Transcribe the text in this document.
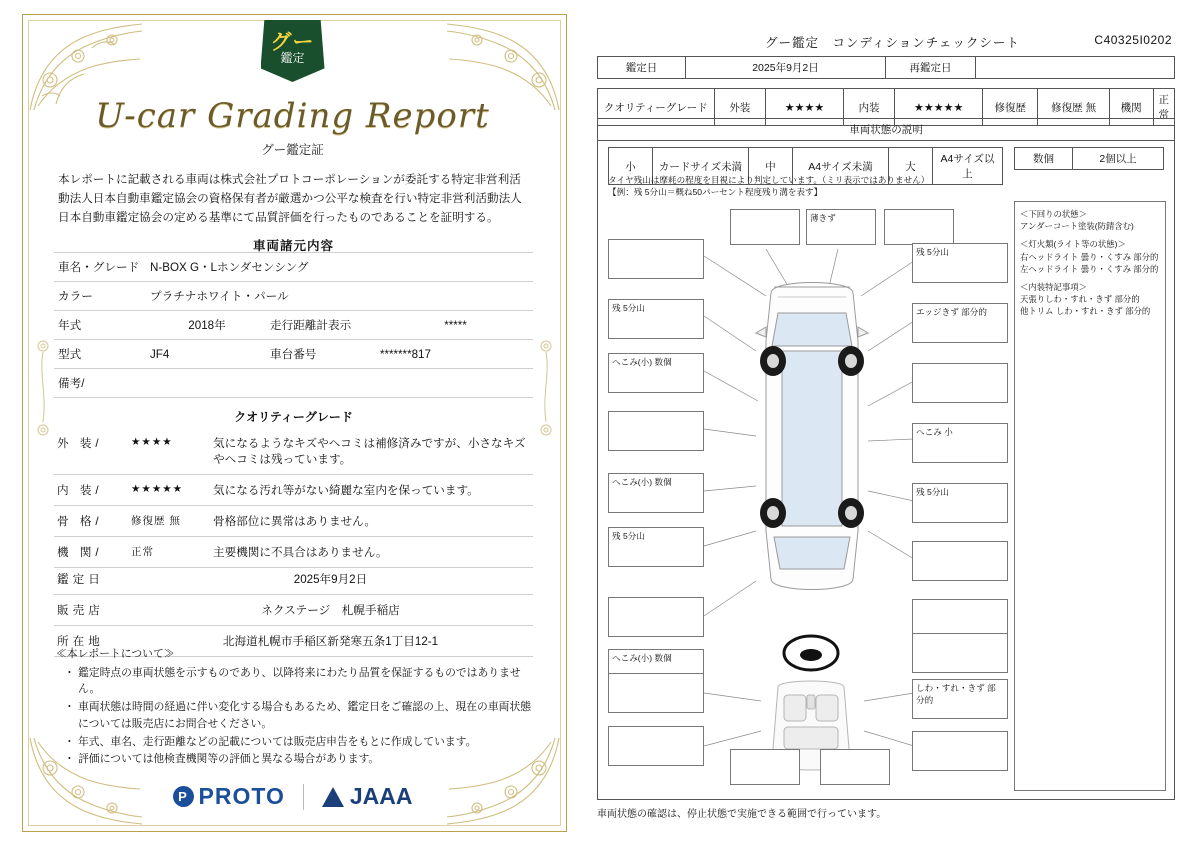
グー
鑑定
U-car Grading Report
グー鑑定証
本レポートに記載される車両は株式会社プロトコーポレーションが委託する特定非営利活動法人日本自動車鑑定協会の資格保有者が厳選かつ公平な検査を行い特定非営利活動法人日本自動車鑑定協会の定める基準にて品質評価を行ったものであることを証明する。
車名・グレード	N-BOX G・Lホンダセンシング		
カラー	プラチナホワイト・パール		
年式	2018年	走行距離計表示	*****
型式	JF4	車台番号	*******817
備考/			
車両諸元内容
クオリティーグレード
外 装/	★★★★	気になるようなキズやヘコミは補修済みですが、小さなキズやヘコミは残っています。
内 装/	★★★★★	気になる汚れ等がない綺麗な室内を保っています。
骨 格/	修復歴 無	骨格部位に異常はありません。
機 関/	正常	主要機関に不具合はありません。
鑑定日	2025年9月2日
販売店	ネクステージ　札幌手稲店
所在地	北海道札幌市手稲区新発寒五条1丁目12-1
≪本レポートについて≫
・ 鑑定時点の車両状態を示すものであり、以降将来にわたり品質を保証するものではありません。
・ 車両状態は時間の経過に伴い変化する場合もあるため、鑑定日をご確認の上、現在の車両状態については販売店にお問合せください。
・ 年式、車名、走行距離などの記載については販売店申告をもとに作成しています。
・ 評価については他検査機関等の評価と異なる場合があります。
P PROTO	JAAA
グー鑑定　コンディションチェックシート	C40325I0202
鑑定日	2025年9月2日	再鑑定日	
クオリティーグレード	外装	★★★★	内装	★★★★★	修復歴	修復歴 無	機関	正常
車両状態の説明
小	カードサイズ未満	中	A4サイズ未満	大	A4サイズ以上
数個	2個以上
タイヤ残山は摩耗の程度を目視により判定しています。（ミリ表示ではありません）
【例：残 5分山＝概ね50パーセント程度残り溝を表す】
残 5分山
へこみ(小) 数個
へこみ(小) 数個
残 5分山
へこみ(小) 数個
薄きず
残 5分山
エッジきず 部分的
へこみ 小
残 5分山
しわ・すれ・きず 部分的
＜下回りの状態＞
アンダーコート塗装(防錆含む)
＜灯火類(ライト等の状態)＞
右ヘッドライト 曇り・くすみ 部分的
左ヘッドライト 曇り・くすみ 部分的
＜内装特記事項＞
天張りしわ・すれ・きず 部分的
他トリム しわ・すれ・きず 部分的
車両状態の確認は、停止状態で実施できる範囲で行っています。
